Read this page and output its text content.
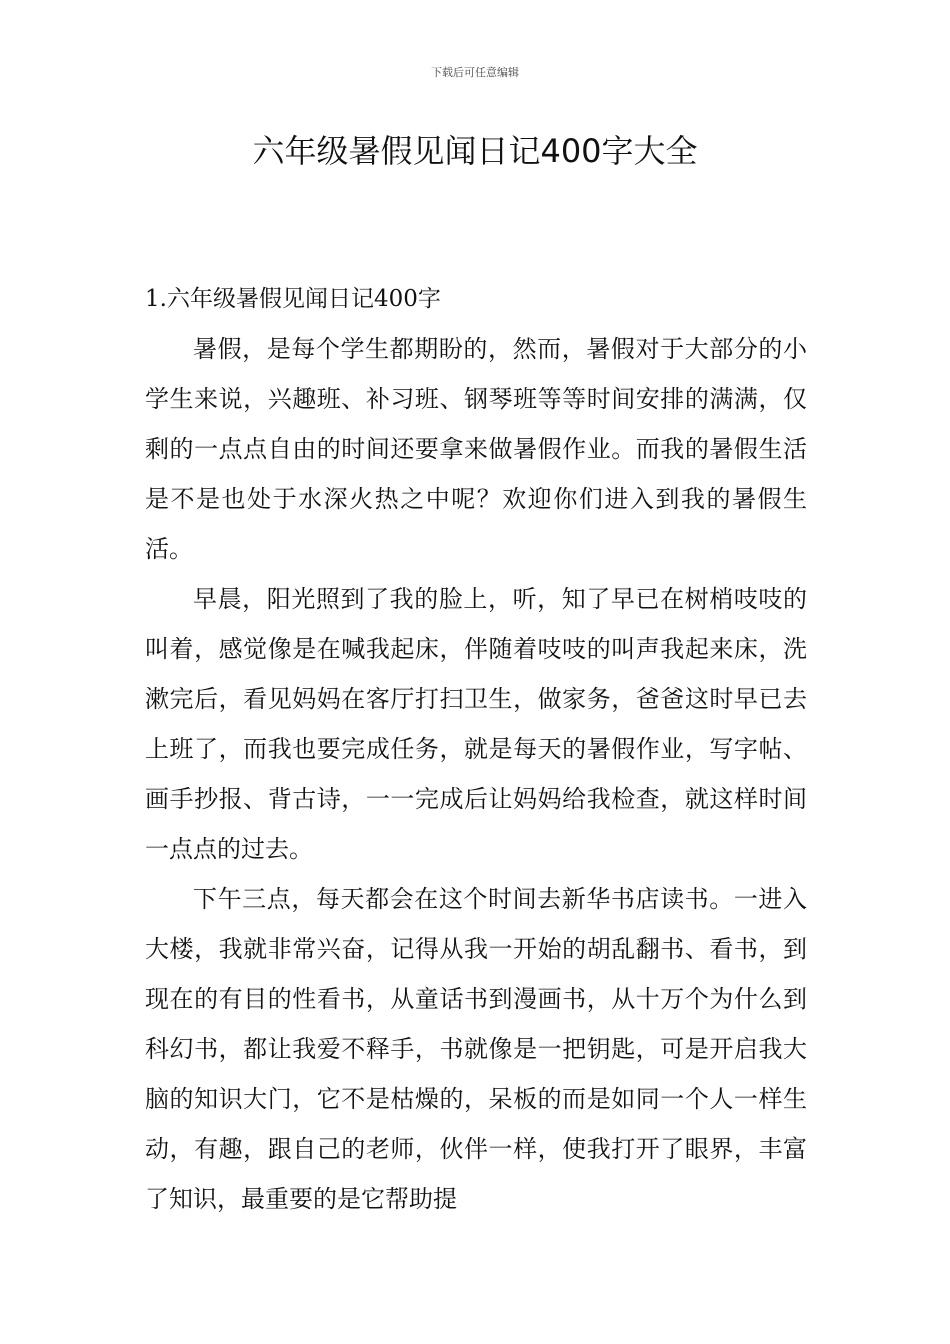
下载后可任意编辑
六年级暑假见闻日记400字大全

1.六年级暑假见闻日记400字

暑假，是每个学生都期盼的，然而，暑假对于大部分的小学生来说，兴趣班、补习班、钢琴班等等时间安排的满满，仅剩的一点点自由的时间还要拿来做暑假作业。而我的暑假生活是不是也处于水深火热之中呢？欢迎你们进入到我的暑假生活。

早晨，阳光照到了我的脸上，听，知了早已在树梢吱吱的叫着，感觉像是在喊我起床，伴随着吱吱的叫声我起来床，洗漱完后，看见妈妈在客厅打扫卫生，做家务，爸爸这时早已去上班了，而我也要完成任务，就是每天的暑假作业，写字帖、画手抄报、背古诗，一一完成后让妈妈给我检查，就这样时间一点点的过去。

下午三点，每天都会在这个时间去新华书店读书。一进入大楼，我就非常兴奋，记得从我一开始的胡乱翻书、看书，到现在的有目的性看书，从童话书到漫画书，从十万个为什么到科幻书，都让我爱不释手，书就像是一把钥匙，可是开启我大脑的知识大门，它不是枯燥的，呆板的而是如同一个人一样生动，有趣，跟自己的老师，伙伴一样，使我打开了眼界，丰富了知识，最重要的是它帮助提
